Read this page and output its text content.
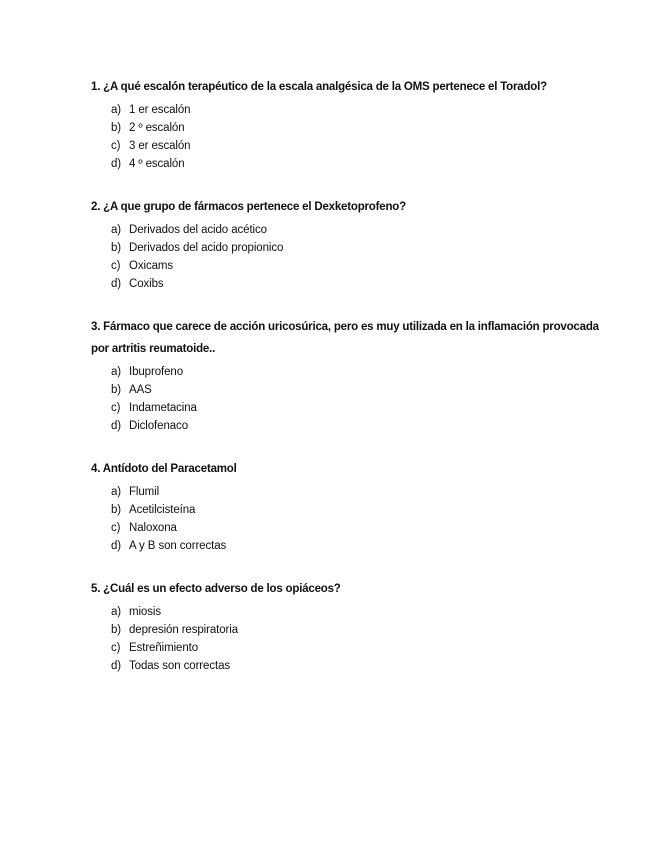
1. ¿A qué escalón terapéutico de la escala analgésica de la OMS pertenece el Toradol?

a) 1 er escalón
b) 2 º escalón
c) 3 er escalón
d) 4 º escalón

2. ¿A que grupo de fármacos pertenece el Dexketoprofeno?

a) Derivados del acido acético
b) Derivados del acido propionico
c) Oxicams
d) Coxibs

3. Fármaco que carece de acción uricosúrica, pero es muy utilizada en la inflamación provocada por artritis reumatoide..

a) Ibuprofeno
b) AAS
c) Indametacina
d) Diclofenaco

4. Antídoto del Paracetamol

a) Flumil
b) Acetilcisteína
c) Naloxona
d) A y B son correctas

5. ¿Cuál es un efecto adverso de los opiáceos?

a) miosis
b) depresión respiratoria
c) Estreñimiento
d) Todas son correctas
